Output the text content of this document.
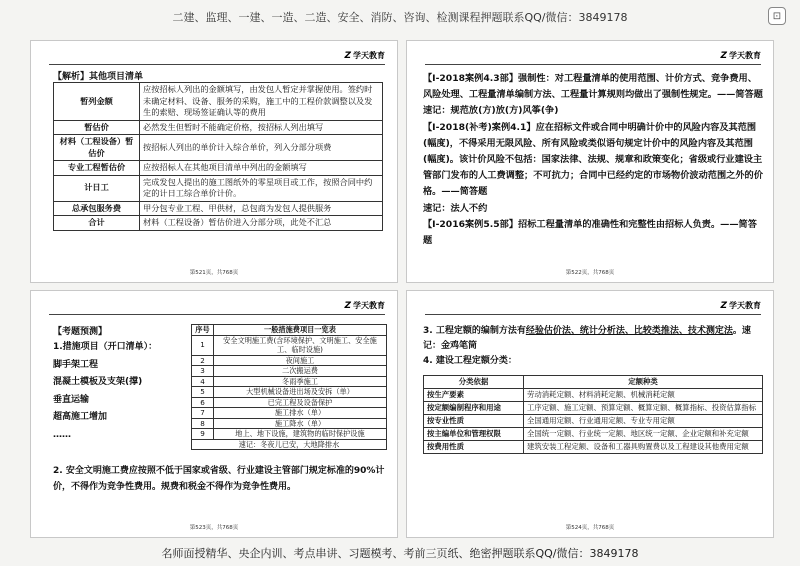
二建、监理、一建、一造、二造、安全、消防、咨询、检测课程押题联系QQ/微信：3849178	⊡
Z 学天教育
【解析】其他项目清单
暂列金额	应按招标人列出的金额填写，由发包人暂定并掌握使用。签约时未确定材料、设备、服务的采购，施工中的工程价款调整以及发生的索赔、现场签证确认等的费用
暂估价	必然发生但暂时不能确定价格，按招标人列出填写
材料（工程设备）暂估价	按招标人列出的单价计入综合单价，列入分部分项费
专业工程暂估价	应按招标人在其他项目清单中列出的金额填写
计日工	完成发包人提出的施工图纸外的零星项目或工作，按照合同中约定的计日工综合单价计价。
总承包服务费	甲分包专业工程、甲供材，总包商为发包人提供服务
合计	材料（工程设备）暂估价进入分部分项，此处不汇总
第521页，共768页
Z 学天教育

【Ⅰ-2018案例4.3部】强制性：对工程量清单的使用范围、计价方式、竞争费用、风险处理、工程量清单编制方法、工程量计算规则均做出了强制性规定。——简答题　　速记：规范放(方)放(方)风筝(争)

【Ⅰ-2018(补考)案例4.1】应在招标文件或合同中明确计价中的风险内容及其范围(幅度)，不得采用无限风险、所有风险或类似语句规定计价中的风险内容及其范围(幅度)。该计价风险不包括：国家法律、法规、规章和政策变化；省级或行业建设主管部门发布的人工费调整；不可抗力；合同中已经约定的市场物价波动范围之外的价格。——简答题

速记：法人不约

【Ⅰ-2016案例5.5部】招标工程量清单的准确性和完整性由招标人负责。——简答题

第522页，共768页
Z 学天教育
【考题预测】
1.措施项目（开口清单）：
脚手架工程
混凝土模板及支架(撑)
垂直运输
超高施工增加
……
序号	一般措施费项目一览表
1	安全文明施工费(含环境保护、文明施工、安全施工、临时设施)
2	夜间施工
3	二次搬运费
4	冬雨季施工
5	大型机械设备进出场及安拆（单）
6	已完工程及设备保护
7	施工排水（单）
8	施工降水（单）
9	地上、地下设施，建筑物的临时保护设施
速记：冬夜儿已安，大地降排水	
2. 安全文明施工费应按照不低于国家或省级、行业建设主管部门规定标准的90%计价，不得作为竞争性费用。规费和税金不得作为竞争性费用。
第523页，共768页
Z 学天教育
3. 工程定额的编制方法有经验估价法、统计分析法、比较类推法、技术测定法。速记：金鸡笔筒
4. 建设工程定额分类：
分类依据	定额种类
按生产要素	劳动消耗定额、材料消耗定额、机械消耗定额
按定额编制程序和用途	工序定额、施工定额、预算定额、概算定额、概算指标、投资估算指标
按专业性质	全国通用定额、行业通用定额、专业专用定额
按主编单位和管理权限	全国统一定额、行业统一定额、地区统一定额、企业定额和补充定额
按费用性质	建筑安装工程定额、设备和工器具购置费以及工程建设其他费用定额
第524页，共768页
名师面授精华、央企内训、考点串讲、习题模考、考前三页纸、绝密押题联系QQ/微信：3849178
